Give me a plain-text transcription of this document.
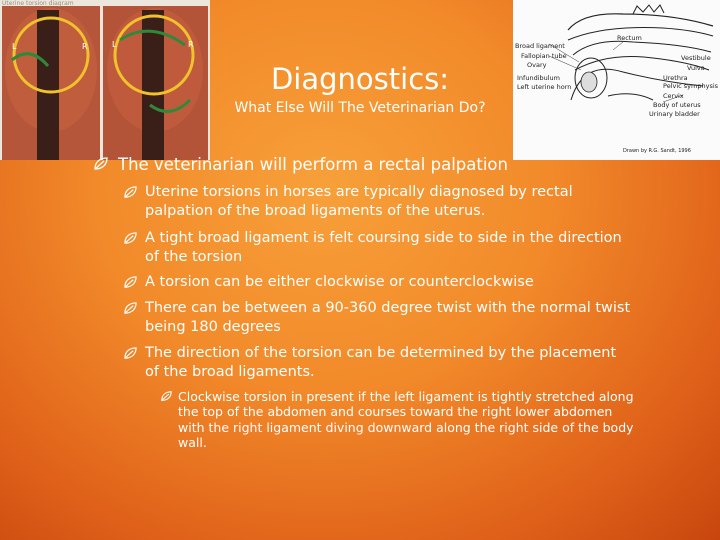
Uterine torsion diagram
L	R	L	R	Broad ligament
Fallopian tube
Ovary
Infundibulum
Left uterine horn
Rectum
Vestibule
Vulva
Urethra
Pelvic symphysis
Cervix
Body of uterus
Urinary bladder
Drawn by R.G. Sandt, 1996
Diagnostics:
What Else Will The Veterinarian Do?
The veterinarian will perform a rectal palpation
Uterine torsions in horses are typically diagnosed by rectal palpation of the broad ligaments of the uterus.
A tight broad ligament is felt coursing side to side in the direction of the torsion
A torsion can be either clockwise or counterclockwise
There can be between a 90-360 degree twist with the normal twist being 180 degrees
The direction of the torsion can be determined by the placement of the broad ligaments.
Clockwise torsion in present if the left ligament is tightly stretched along the top of the abdomen and courses toward the right lower abdomen with the right ligament diving downward along the right side of the body wall.
